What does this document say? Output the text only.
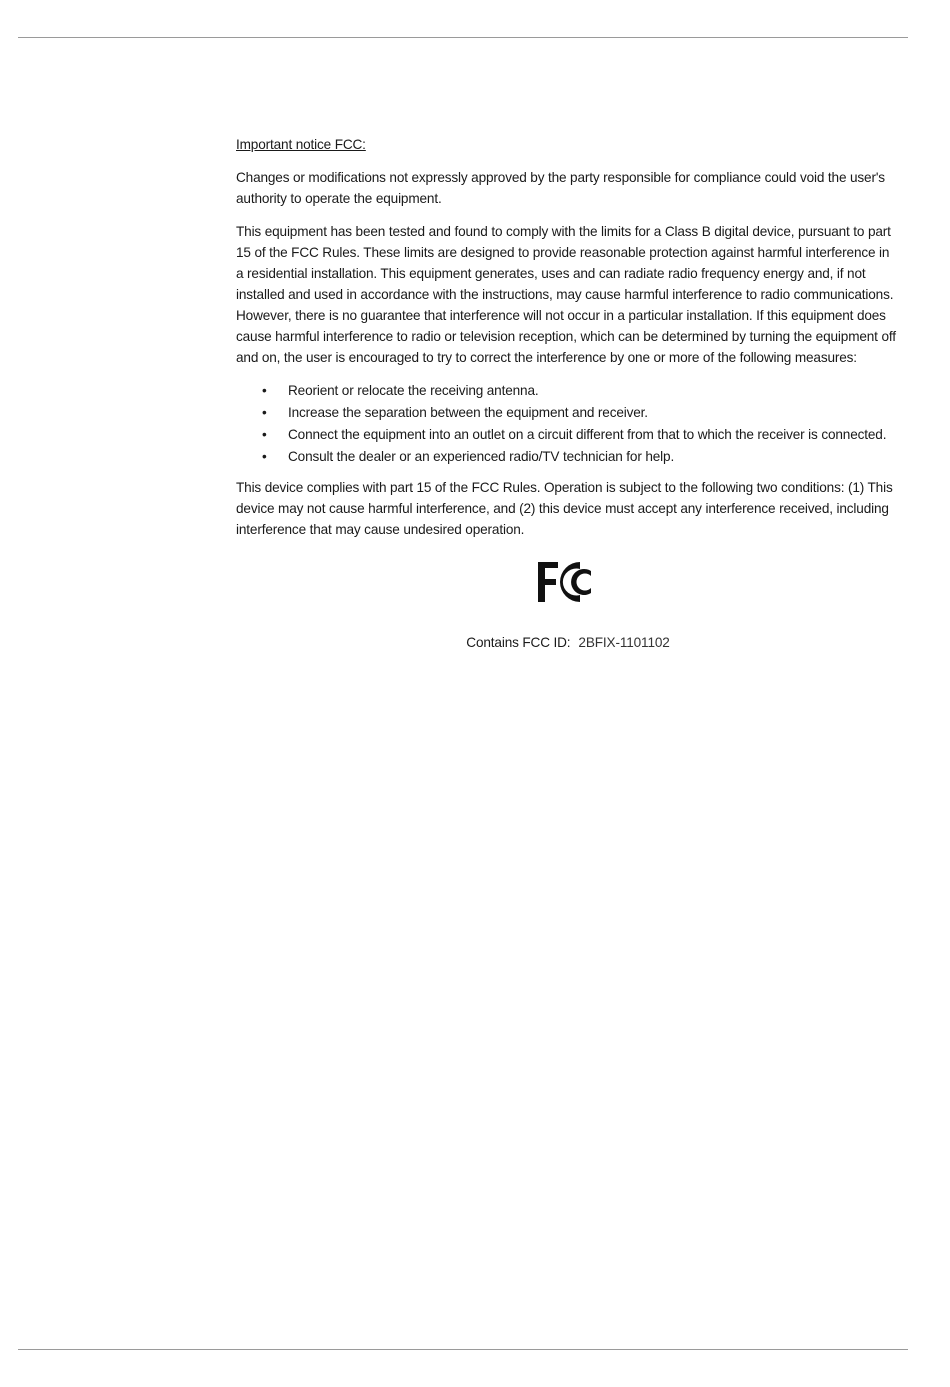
Important notice FCC:

Changes or modifications not expressly approved by the party responsible for compliance could void the user's authority to operate the equipment.

This equipment has been tested and found to comply with the limits for a Class B digital device, pursuant to part 15 of the FCC Rules. These limits are designed to provide reasonable protection against harmful interference in a residential installation. This equipment generates, uses and can radiate radio frequency energy and, if not installed and used in accordance with the instructions, may cause harmful interference to radio communications. However, there is no guarantee that interference will not occur in a particular installation. If this equipment does cause harmful interference to radio or television reception, which can be determined by turning the equipment off and on, the user is encouraged to try to correct the interference by one or more of the following measures:

• Reorient or relocate the receiving antenna.
• Increase the separation between the equipment and receiver.
• Connect the equipment into an outlet on a circuit different from that to which the receiver is connected.
• Consult the dealer or an experienced radio/TV technician for help.

This device complies with part 15 of the FCC Rules. Operation is subject to the following two conditions: (1) This device may not cause harmful interference, and (2) this device must accept any interference received, including interference that may cause undesired operation.

Contains FCC ID: 2BFIX-1101102
